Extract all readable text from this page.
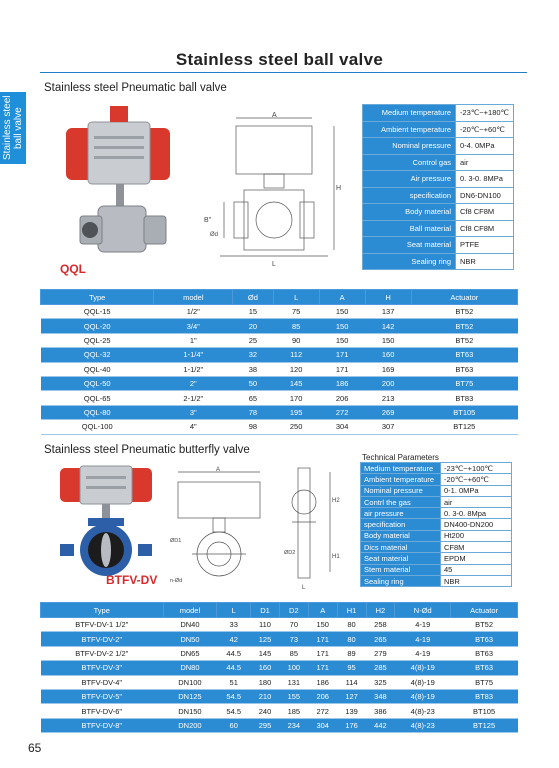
Stainless steel ball valve
Stainless steel ball valve
Stainless steel Pneumatic ball valve
QQL
A
H
B"
Ød
L
Medium temperature	-23℃~+180℃
Ambient temperature	-20℃~+60℃
Nominal pressure	0-4. 0MPa
Control gas	air
Air pressure	0. 3-0. 8MPa
specification	DN6-DN100
Body material	Cf8 CF8M
Ball material	Cf8 CF8M
Seat material	PTFE
Sealing ring	NBR
Type	model	Ød	L	A	H	Actuator
QQL-15	1/2"	15	75	150	137	BT52
QQL-20	3/4"	20	85	150	142	BT52
QQL-25	1"	25	90	150	150	BT52
QQL-32	1-1/4"	32	112	171	160	BT63
QQL-40	1-1/2"	38	120	171	169	BT63
QQL-50	2"	50	145	186	200	BT75
QQL-65	2-1/2"	65	170	206	213	BT83
QQL-80	3"	78	195	272	269	BT105
QQL-100	4"	98	250	304	307	BT125
Stainless steel Pneumatic butterfly valve
BTFV-DV
A
H1
H2
ØD1
ØD2
n-Ød
L
Technical Parameters
Medium temperature	-23℃~+100℃
Ambient temperature	-20℃~+60℃
Nominal pressure	0-1. 0MPa
Contrl the gas	air
air pressure	0. 3-0. 8Mpa
specification	DN400-DN200
Body material	Ht200
Dics material	CF8M
Seat material	EPDM
Stem material	45
Sealing ring	NBR
Type	model	L	D1	D2	A	H1	H2	N-Ød	Actuator
BTFV-DV-1 1/2"	DN40	33	110	70	150	80	258	4-19	BT52
BTFV-DV-2"	DN50	42	125	73	171	80	265	4-19	BT63
BTFV-DV-2 1/2"	DN65	44.5	145	85	171	89	279	4-19	BT63
BTFV-DV-3"	DN80	44.5	160	100	171	95	285	4(8)-19	BT63
BTFV-DV-4"	DN100	51	180	131	186	114	325	4(8)-19	BT75
BTFV-DV-5"	DN125	54.5	210	155	206	127	348	4(8)-19	BT83
BTFV-DV-6"	DN150	54.5	240	185	272	139	386	4(8)-23	BT105
BTFV-DV-8"	DN200	60	295	234	304	176	442	4(8)-23	BT125
65
